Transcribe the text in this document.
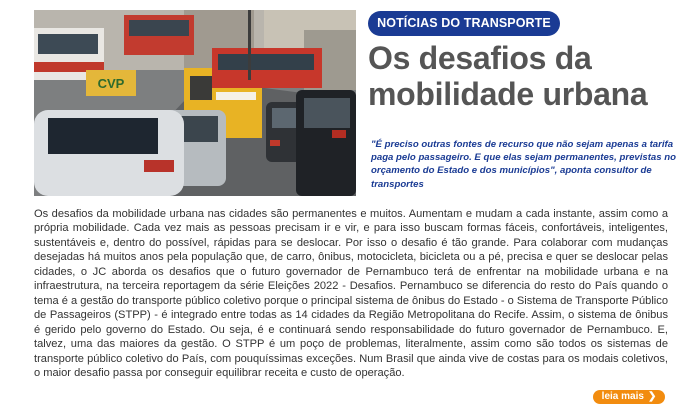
CVP
NOTÍCIAS DO TRANSPORTE
Os desafios da mobilidade urbana

"É preciso outras fontes de recurso que não sejam apenas a tarifa paga pelo passageiro. E que elas sejam permanentes, previstas no orçamento do Estado e dos municípios", aponta consultor de transportes

Os desafios da mobilidade urbana nas cidades são permanentes e muitos. Aumentam e mudam a cada instante, assim como a própria mobilidade. Cada vez mais as pessoas precisam ir e vir, e para isso buscam formas fáceis, confortáveis, inteligentes, sustentáveis e, dentro do possível, rápidas para se deslocar. Por isso o desafio é tão grande. Para colaborar com mudanças desejadas há muitos anos pela população que, de carro, ônibus, motocicleta, bicicleta ou a pé, precisa e quer se deslocar pelas cidades, o JC aborda os desafios que o futuro governador de Pernambuco terá de enfrentar na mobilidade urbana e na infraestrutura, na terceira reportagem da série Eleições 2022 - Desafios. Pernambuco se diferencia do resto do País quando o tema é a gestão do transporte público coletivo porque o principal sistema de ônibus do Estado - o Sistema de Transporte Público de Passageiros (STPP) - é integrado entre todas as 14 cidades da Região Metropolitana do Recife. Assim, o sistema de ônibus é gerido pelo governo do Estado. Ou seja, é e continuará sendo responsabilidade do futuro governador de Pernambuco. E, talvez, uma das maiores da gestão. O STPP é um poço de problemas, literalmente, assim como são todos os sistemas de transporte público coletivo do País, com pouquíssimas exceções. Num Brasil que ainda vive de costas para os modais coletivos, o maior desafio passa por conseguir equilibrar receita e custo de operação.

leia mais ❯
